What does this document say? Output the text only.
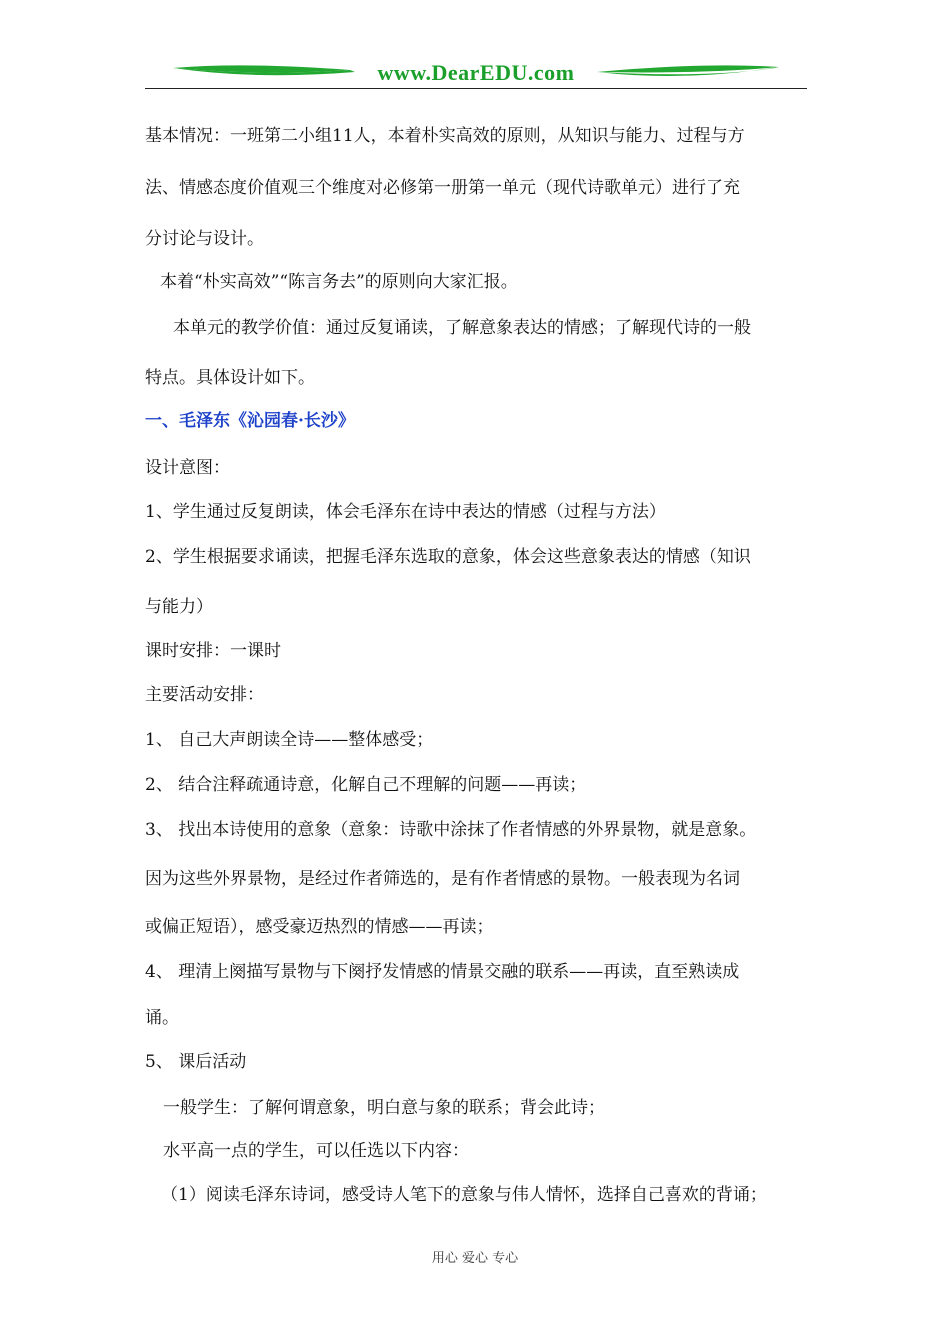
www.DearEDU.com
基本情况：一班第二小组11人，本着朴实高效的原则，从知识与能力、过程与方
法、情感态度价值观三个维度对必修第一册第一单元（现代诗歌单元）进行了充
分讨论与设计。
本着“朴实高效”“陈言务去”的原则向大家汇报。
本单元的教学价值：通过反复诵读，了解意象表达的情感；了解现代诗的一般
特点。具体设计如下。
一、毛泽东《沁园春·长沙》
设计意图：
1、学生通过反复朗读，体会毛泽东在诗中表达的情感（过程与方法）
2、学生根据要求诵读，把握毛泽东选取的意象，体会这些意象表达的情感（知识
与能力）
课时安排：一课时
主要活动安排：
1、 自己大声朗读全诗——整体感受；
2、 结合注释疏通诗意，化解自己不理解的问题——再读；
3、 找出本诗使用的意象（意象：诗歌中涂抹了作者情感的外界景物，就是意象。
因为这些外界景物，是经过作者筛选的，是有作者情感的景物。一般表现为名词
或偏正短语），感受豪迈热烈的情感——再读；
4、 理清上阕描写景物与下阕抒发情感的情景交融的联系——再读，直至熟读成
诵。
5、 课后活动
一般学生：了解何谓意象，明白意与象的联系；背会此诗；
水平高一点的学生，可以任选以下内容：
（1）阅读毛泽东诗词，感受诗人笔下的意象与伟人情怀，选择自己喜欢的背诵；
用心 爱心 专心
